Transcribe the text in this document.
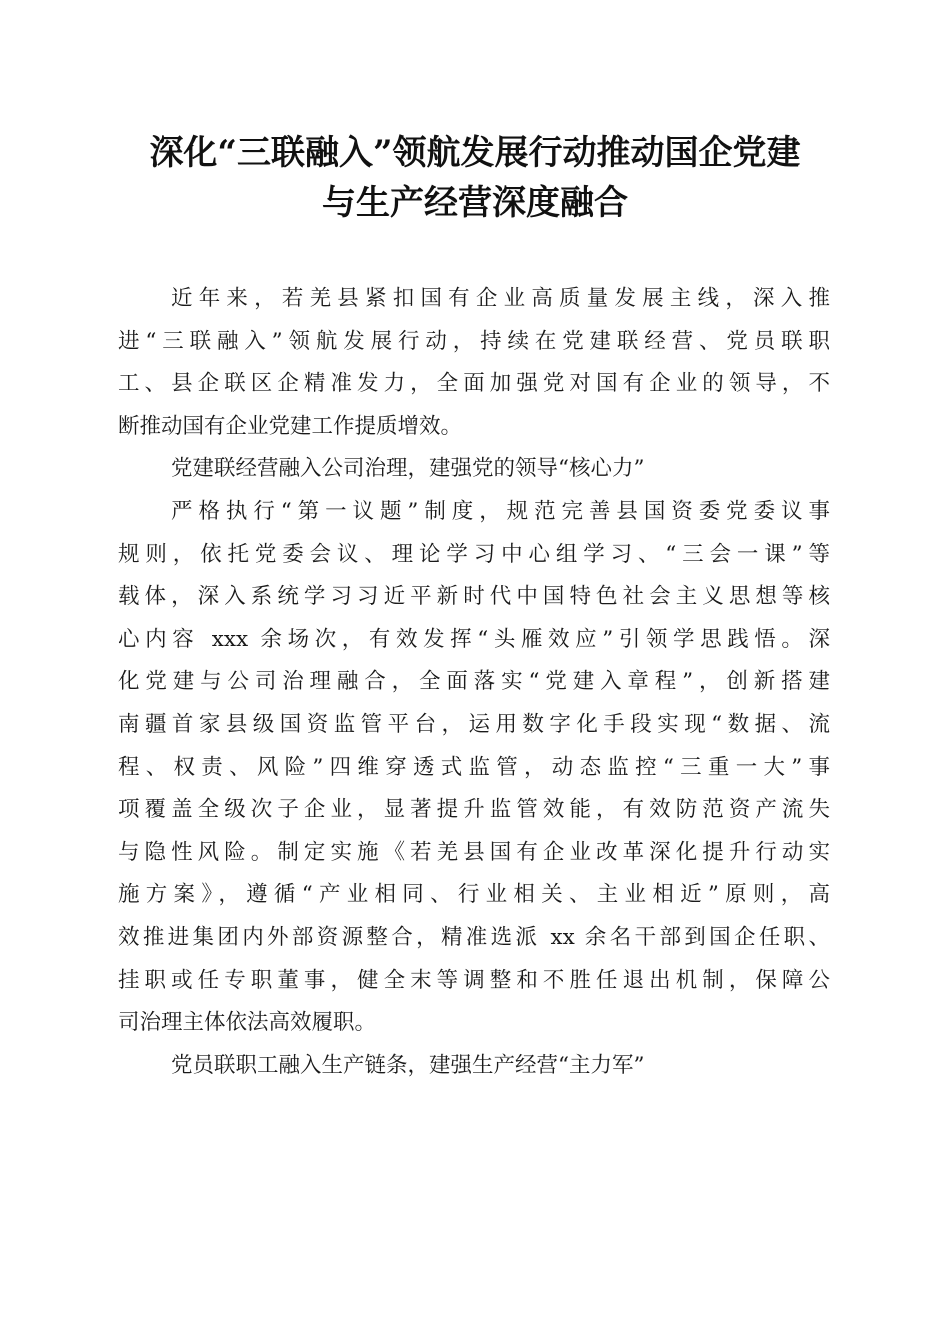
深化“三联融入”领航发展行动推动国企党建
与生产经营深度融合
近年来，若羌县紧扣国有企业高质量发展主线，深入推
进“三联融入”领航发展行动，持续在党建联经营、党员联职
工、县企联区企精准发力，全面加强党对国有企业的领导，不
断推动国有企业党建工作提质增效。
党建联经营融入公司治理，建强党的领导“核心力”
严格执行“第一议题”制度，规范完善县国资委党委议事
规则，依托党委会议、理论学习中心组学习、“三会一课”等
载体，深入系统学习习近平新时代中国特色社会主义思想等核
心内容 xxx 余场次，有效发挥“头雁效应”引领学思践悟。深
化党建与公司治理融合，全面落实“党建入章程”，创新搭建
南疆首家县级国资监管平台，运用数字化手段实现“数据、流
程、权责、风险”四维穿透式监管，动态监控“三重一大”事
项覆盖全级次子企业，显著提升监管效能，有效防范资产流失
与隐性风险。制定实施《若羌县国有企业改革深化提升行动实
施方案》，遵循“产业相同、行业相关、主业相近”原则，高
效推进集团内外部资源整合，精准选派 xx 余名干部到国企任职、
挂职或任专职董事，健全末等调整和不胜任退出机制，保障公
司治理主体依法高效履职。
党员联职工融入生产链条，建强生产经营“主力军”
